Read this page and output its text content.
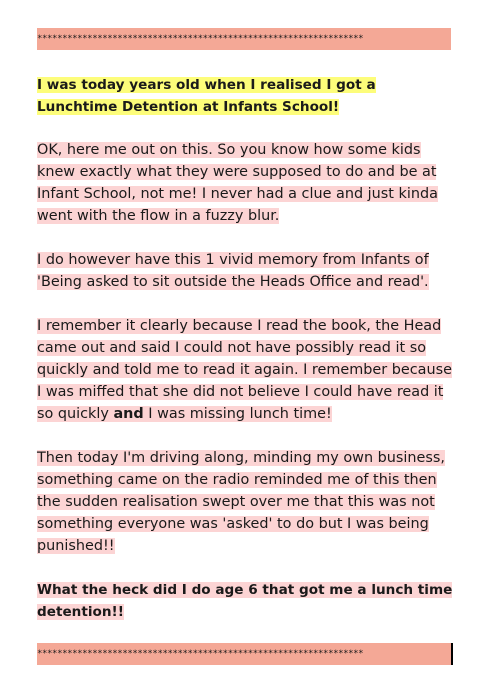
*****************************************************************
I was today years old when I realised I got a Lunchtime Detention at Infants School!
OK, here me out on this. So you know how some kids knew exactly what they were supposed to do and be at Infant School, not me! I never had a clue and just kinda went with the flow in a fuzzy blur.
I do however have this 1 vivid memory from Infants of 'Being asked to sit outside the Heads Office and read'.
I remember it clearly because I read the book, the Head came out and said I could not have possibly read it so quickly and told me to read it again. I remember because I was miffed that she did not believe I could have read it so quickly and I was missing lunch time!
Then today I'm driving along, minding my own business, something came on the radio reminded me of this then the sudden realisation swept over me that this was not something everyone was 'asked' to do but I was being punished!!
What the heck did I do age 6 that got me a lunch time detention!!
*****************************************************************
